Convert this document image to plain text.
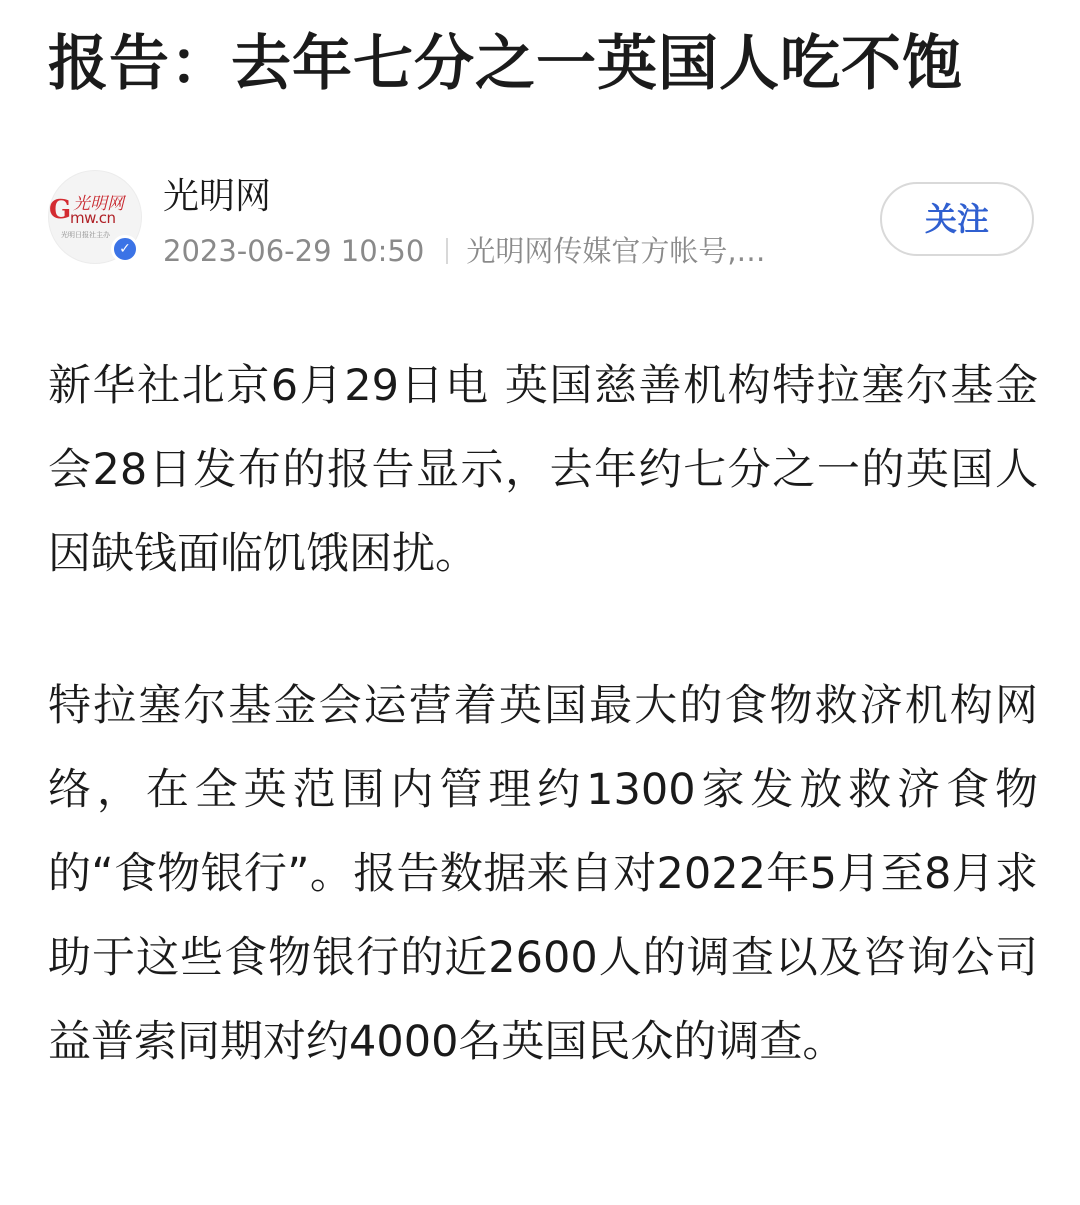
报告：去年七分之一英国人吃不饱
光明网
G
mw.cn
光明日报社主办
✓
光明网
2023-06-29 10:50 光明网传媒官方帐号,…
关注

新华社北京6月29日电 英国慈善机构特拉塞尔基金会28日发布的报告显示，去年约七分之一的英国人因缺钱面临饥饿困扰。

特拉塞尔基金会运营着英国最大的食物救济机构网络，在全英范围内管理约1300家发放救济食物的“食物银行”。报告数据来自对2022年5月至8月求助于这些食物银行的近2600人的调查以及咨询公司益普索同期对约4000名英国民众的调查。
